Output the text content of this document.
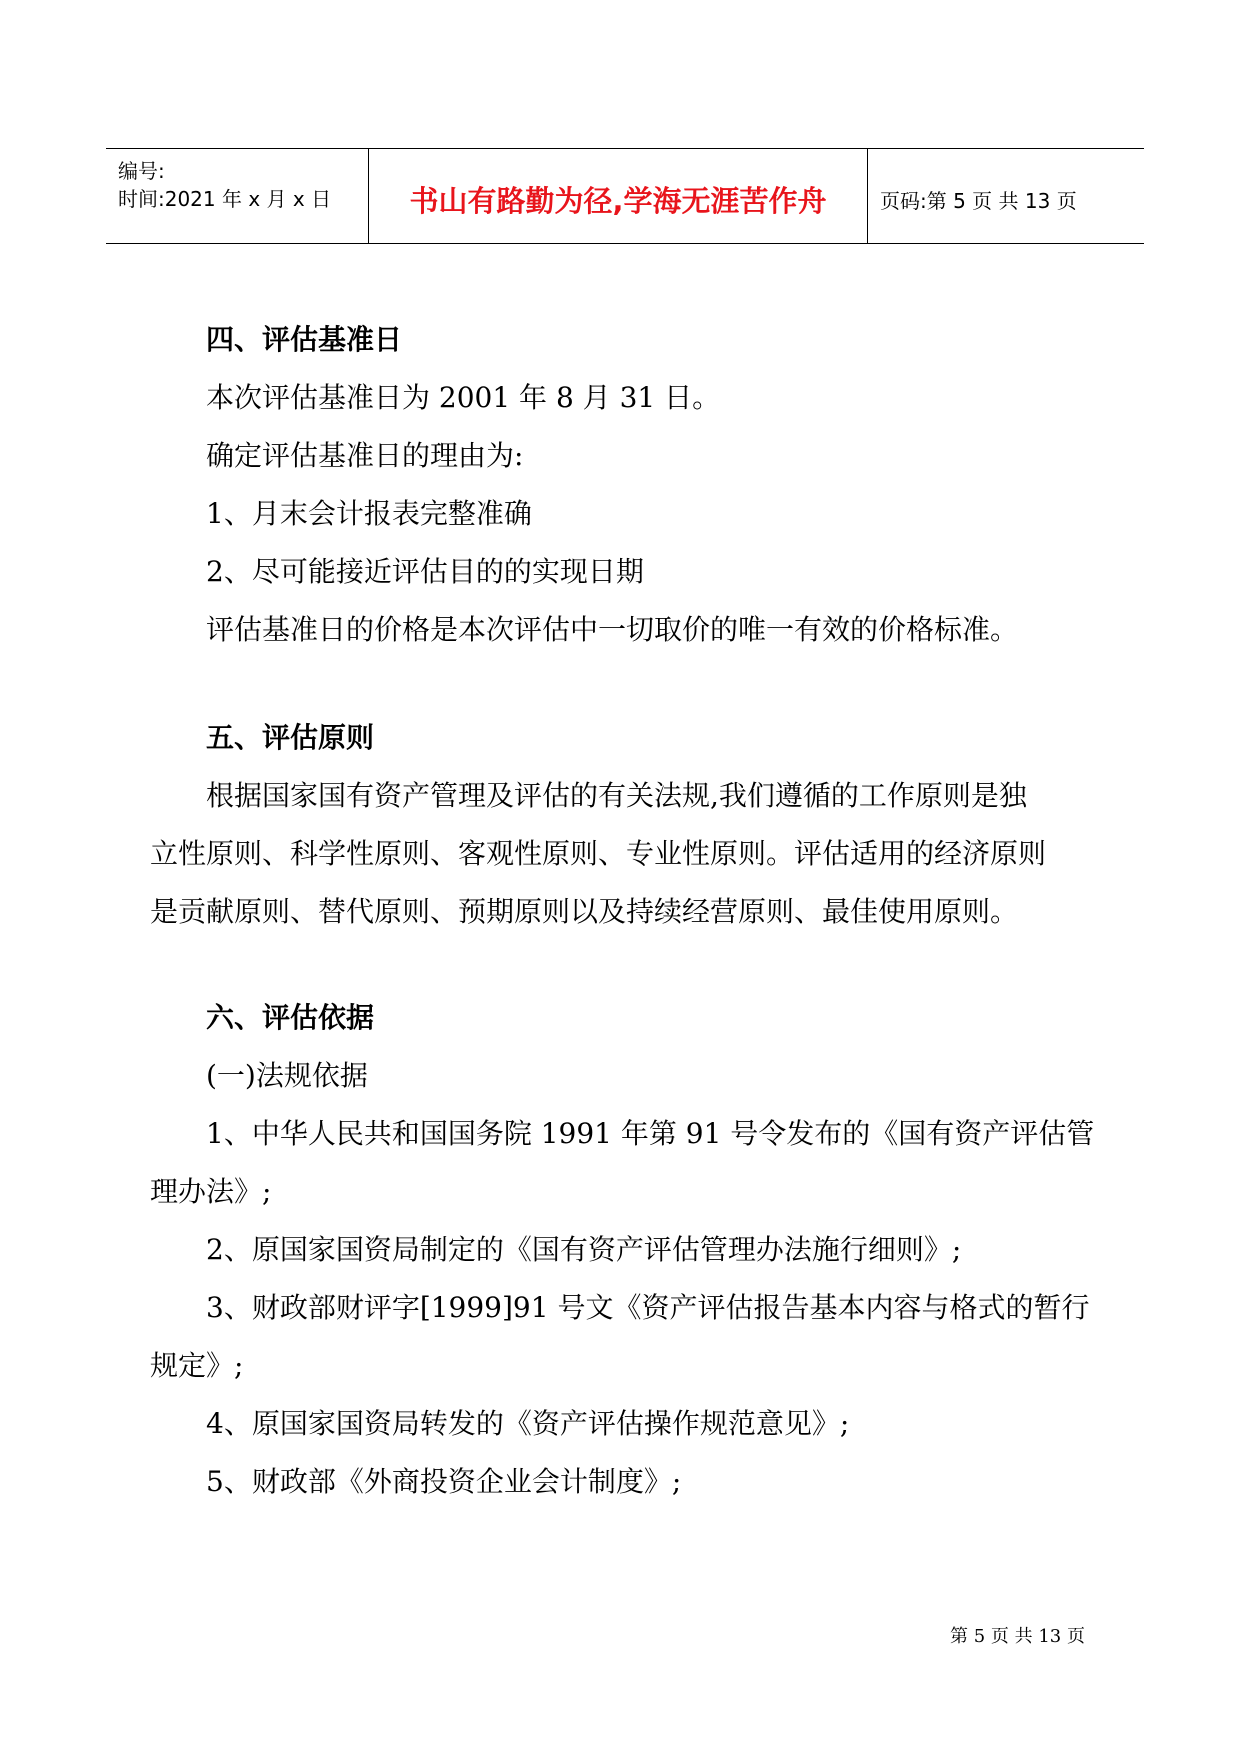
编号:
时间:2021 年 x 月 x 日	书山有路勤为径,学海无涯苦作舟	页码:第 5 页 共 13 页
四、评估基准日
本次评估基准日为 2001 年 8 月 31 日。
确定评估基准日的理由为:
1、月末会计报表完整准确
2、尽可能接近评估目的的实现日期
评估基准日的价格是本次评估中一切取价的唯一有效的价格标准。
五、评估原则
根据国家国有资产管理及评估的有关法规,我们遵循的工作原则是独
立性原则、科学性原则、客观性原则、专业性原则。评估适用的经济原则
是贡献原则、替代原则、预期原则以及持续经营原则、最佳使用原则。
六、评估依据
(一)法规依据
1、中华人民共和国国务院 1991 年第 91 号令发布的《国有资产评估管
理办法》;
2、原国家国资局制定的《国有资产评估管理办法施行细则》;
3、财政部财评字[1999]91 号文《资产评估报告基本内容与格式的暂行
规定》;
4、原国家国资局转发的《资产评估操作规范意见》;
5、财政部《外商投资企业会计制度》;
第 5 页 共 13 页
